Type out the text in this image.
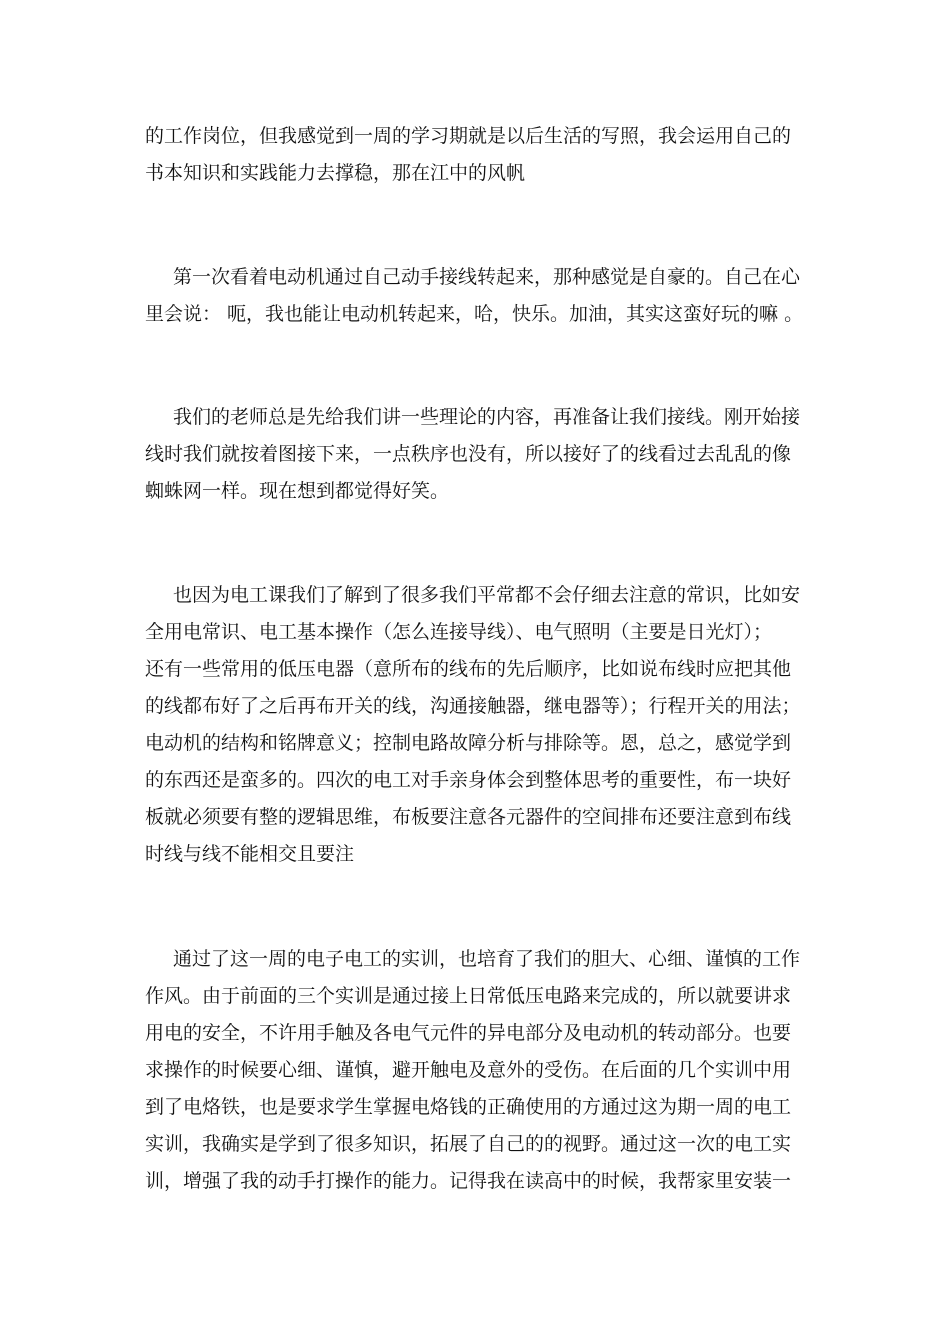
的工作岗位，但我感觉到一周的学习期就是以后生活的写照，我会运用自己的
书本知识和实践能力去撑稳，那在江中的风帆
第一次看着电动机通过自己动手接线转起来，那种感觉是自豪的。自己在心
里会说： 呃，我也能让电动机转起来，哈，快乐。加油，其实这蛮好玩的嘛 。
我们的老师总是先给我们讲一些理论的内容，再准备让我们接线。刚开始接
线时我们就按着图接下来，一点秩序也没有，所以接好了的线看过去乱乱的像
蜘蛛网一样。现在想到都觉得好笑。
也因为电工课我们了解到了很多我们平常都不会仔细去注意的常识，比如安
全用电常识、电工基本操作（怎么连接导线）、电气照明（主要是日光灯）；
还有一些常用的低压电器（意所布的线布的先后顺序，比如说布线时应把其他
的线都布好了之后再布开关的线，沟通接触器，继电器等）；行程开关的用法；
电动机的结构和铭牌意义；控制电路故障分析与排除等。恩，总之，感觉学到
的东西还是蛮多的。四次的电工对手亲身体会到整体思考的重要性，布一块好
板就必须要有整的逻辑思维，布板要注意各元器件的空间排布还要注意到布线
时线与线不能相交且要注
通过了这一周的电子电工的实训，也培育了我们的胆大、心细、谨慎的工作
作风。由于前面的三个实训是通过接上日常低压电路来完成的，所以就要讲求
用电的安全，不许用手触及各电气元件的异电部分及电动机的转动部分。也要
求操作的时候要心细、谨慎，避开触电及意外的受伤。在后面的几个实训中用
到了电烙铁，也是要求学生掌握电烙钱的正确使用的方通过这为期一周的电工
实训，我确实是学到了很多知识，拓展了自己的的视野。通过这一次的电工实
训，增强了我的动手打操作的能力。记得我在读高中的时候，我帮家里安装一
